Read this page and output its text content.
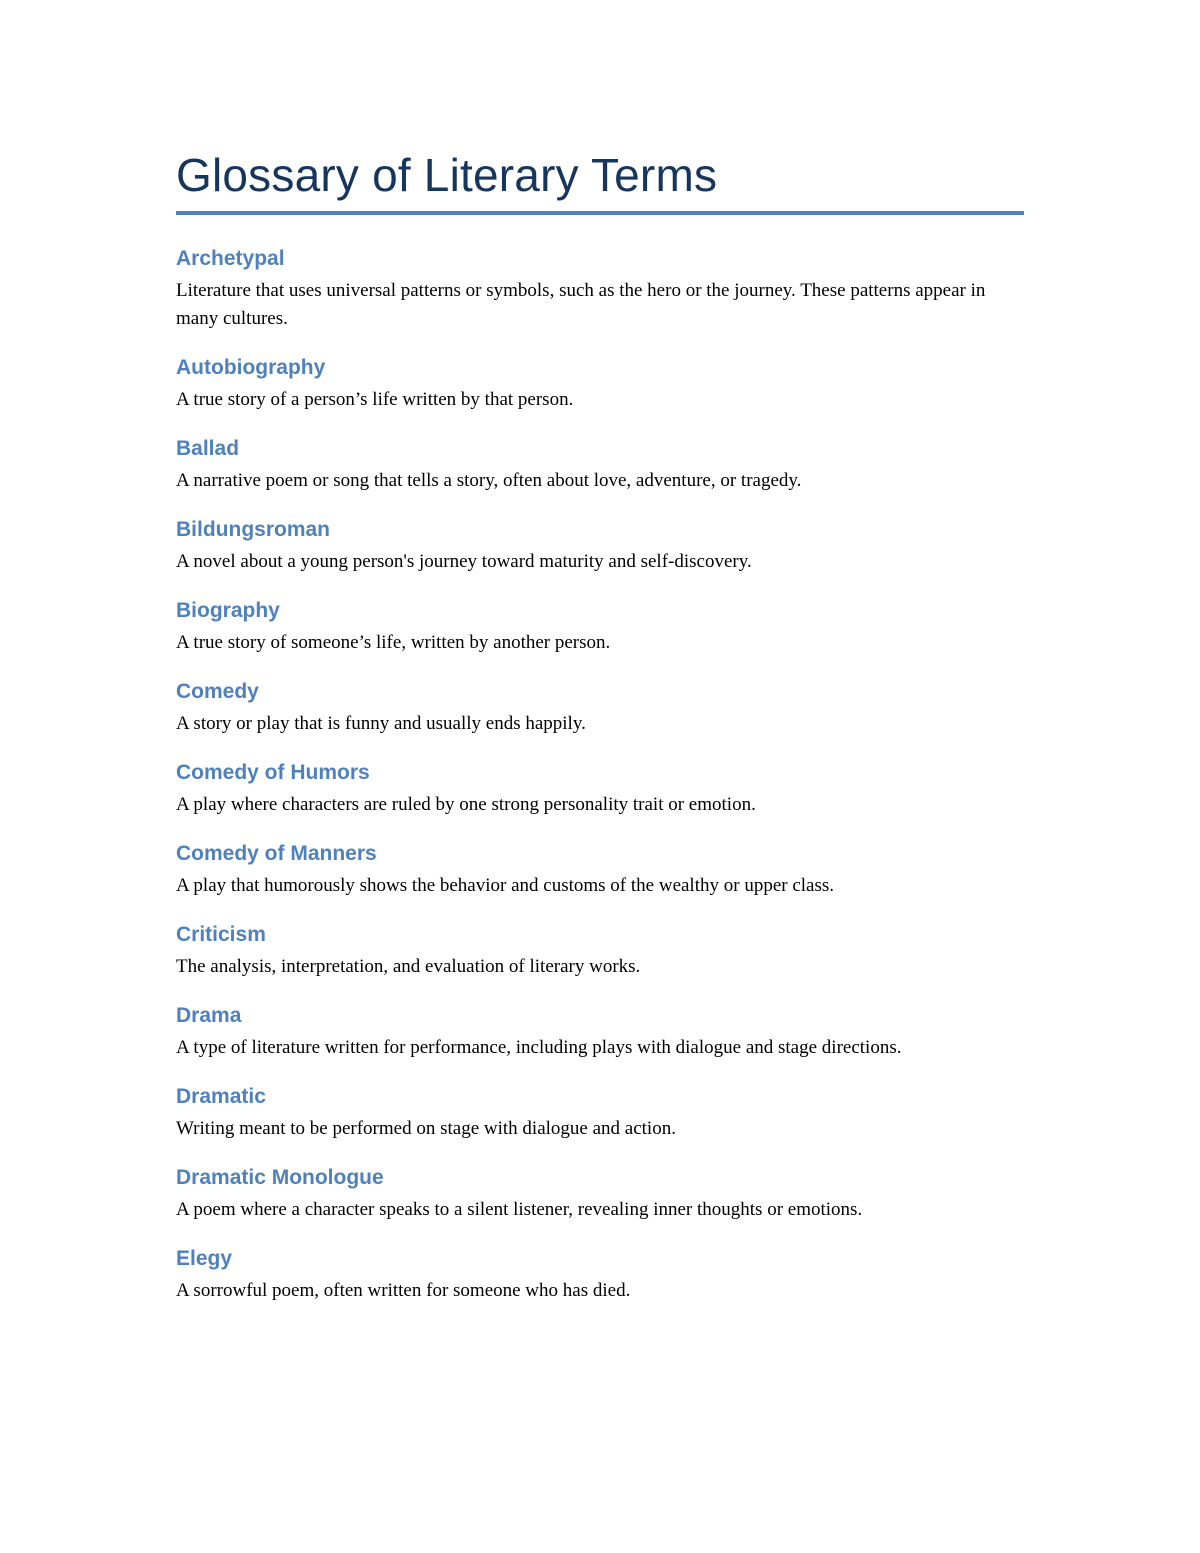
Glossary of Literary Terms
Archetypal
Literature that uses universal patterns or symbols, such as the hero or the journey. These patterns appear in many cultures.
Autobiography
A true story of a person’s life written by that person.
Ballad
A narrative poem or song that tells a story, often about love, adventure, or tragedy.
Bildungsroman
A novel about a young person's journey toward maturity and self-discovery.
Biography
A true story of someone’s life, written by another person.
Comedy
A story or play that is funny and usually ends happily.
Comedy of Humors
A play where characters are ruled by one strong personality trait or emotion.
Comedy of Manners
A play that humorously shows the behavior and customs of the wealthy or upper class.
Criticism
The analysis, interpretation, and evaluation of literary works.
Drama
A type of literature written for performance, including plays with dialogue and stage directions.
Dramatic
Writing meant to be performed on stage with dialogue and action.
Dramatic Monologue
A poem where a character speaks to a silent listener, revealing inner thoughts or emotions.
Elegy
A sorrowful poem, often written for someone who has died.
